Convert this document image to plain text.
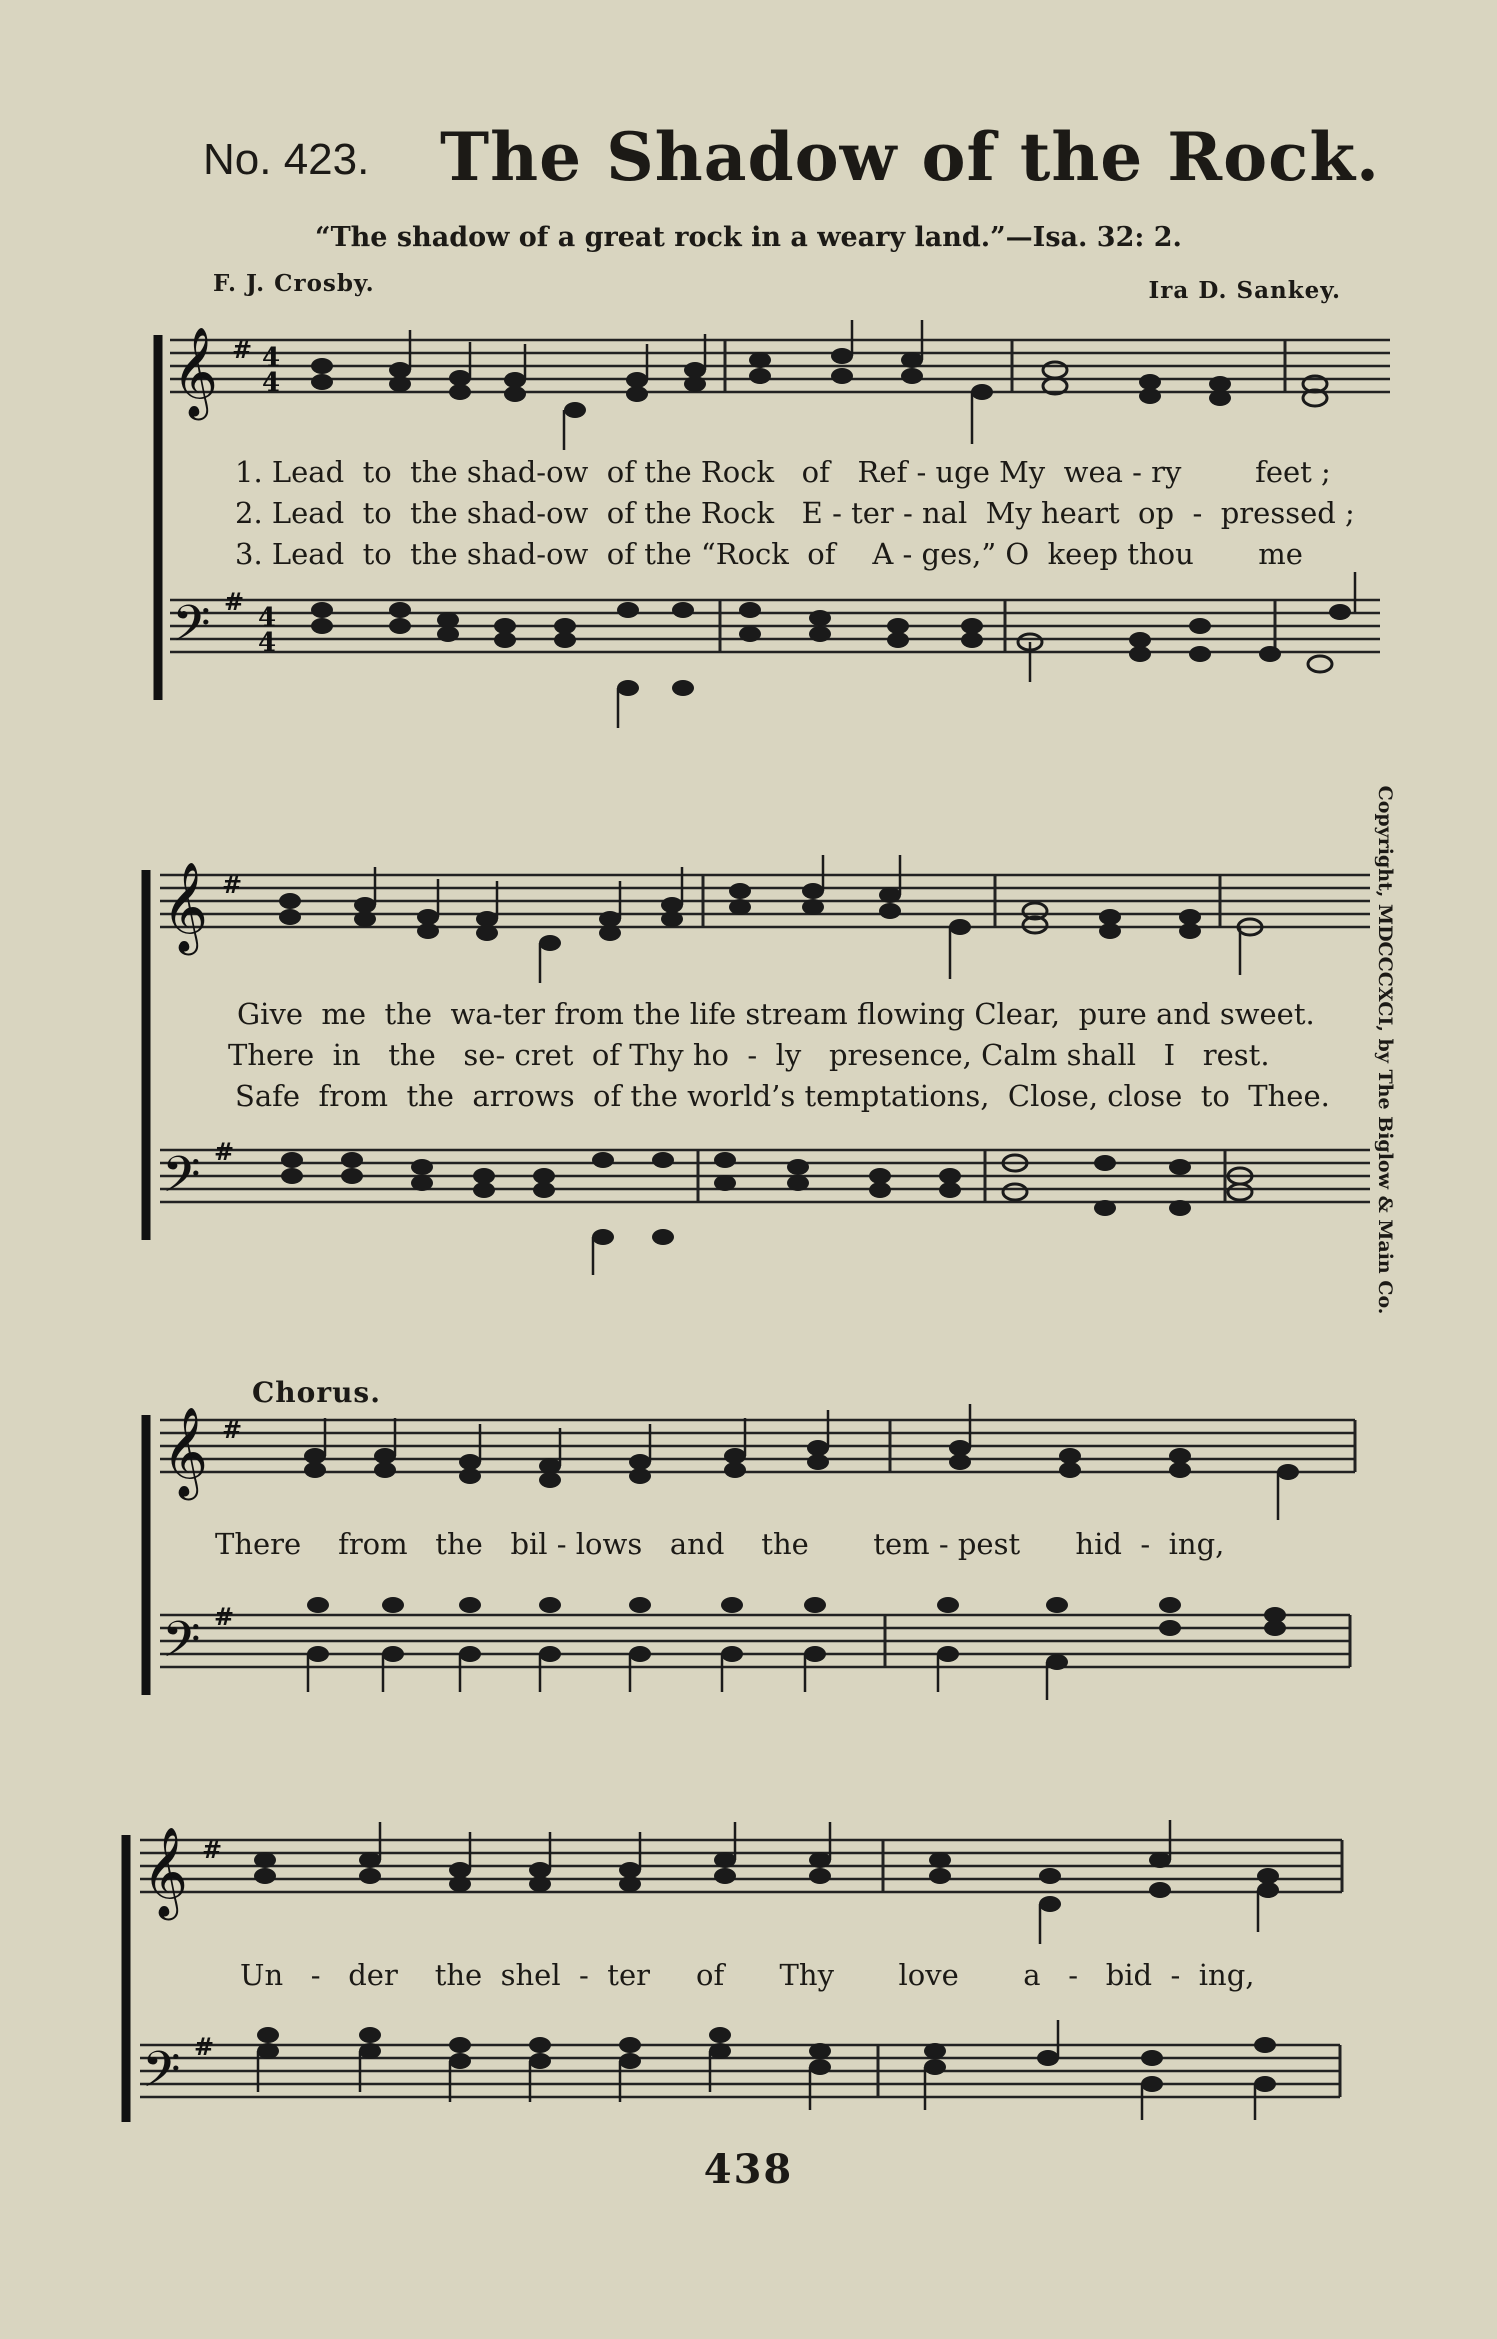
No. 423. The Shadow of the Rock.
“The shadow of a great rock in a weary land.”—Isa. 32: 2.
F. J. Crosby.	Ira D. Sankey.
𝄞
𝄢
#
#
4
4
4
4
1. Lead  to  the shad-ow  of the Rock   of   Ref - uge My  wea - ry        feet ;
2. Lead  to  the shad-ow  of the Rock   E - ter - nal  My heart  op  -  pressed ;
3. Lead  to  the shad-ow  of the “Rock  of    A - ges,” O  keep thou       me
𝄞
𝄢
#
#
Give  me  the  wa-ter from the life stream flowing Clear,  pure and sweet.
There  in   the   se- cret  of Thy ho  -  ly   presence, Calm shall   I   rest.
Safe  from  the  arrows  of the world’s temptations,  Close, close  to  Thee. Copyright, MDCCCXCI, by The Biglow & Main Co.
Chorus.
𝄞
𝄢
#
#
There    from   the   bil - lows   and    the       tem - pest      hid  -  ing,
𝄞
𝄢
#
#
Un   -   der    the  shel  -  ter     of      Thy       love       a   -   bid  -  ing,
438
